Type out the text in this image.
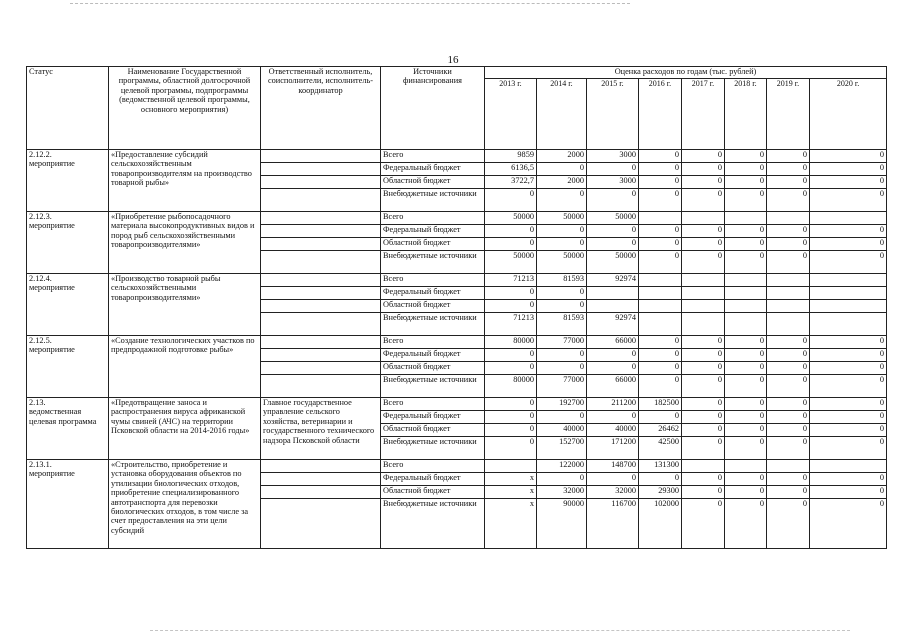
16
Статус	Наименование Государственной программы, областной долгосрочной целевой программы, подпрограммы (ведомственной целевой программы, основного мероприятия)	Ответственный исполнитель, соисполнители, исполнитель-координатор	Источники финансирования	Оценка расходов по годам (тыс. рублей)							
				2013 г.	2014 г.	2015 г.	2016 г.	2017 г.	2018 г.	2019 г.	2020 г.
2.12.2.
мероприятие	«Предоставление субсидий сельскохозяйственным товаропроизводителям на производство товарной рыбы»		Всего	9859	2000	3000	0	0	0	0	0
			Федеральный бюджет	6136,5	0	0	0	0	0	0	0
			Областной бюджет	3722,7	2000	3000	0	0	0	0	0
			Внебюджетные источники	0	0	0	0	0	0	0	0
2.12.3.
мероприятие	«Приобретение рыбопосадочного материала высокопродуктивных видов и пород рыб сельскохозяйственными товаропроизводителями»		Всего	50000	50000	50000					
			Федеральный бюджет	0	0	0	0	0	0	0	0
			Областной бюджет	0	0	0	0	0	0	0	0
			Внебюджетные источники	50000	50000	50000	0	0	0	0	0
2.12.4.
мероприятие	«Производство товарной рыбы сельскохозяйственными товаропроизводителями»		Всего	71213	81593	92974					
			Федеральный бюджет	0	0						
			Областной бюджет	0	0						
			Внебюджетные источники	71213	81593	92974					
2.12.5.
мероприятие	«Создание технологических участков по предпродажной подготовке рыбы»		Всего	80000	77000	66000	0	0	0	0	0
			Федеральный бюджет	0	0	0	0	0	0	0	0
			Областной бюджет	0	0	0	0	0	0	0	0
			Внебюджетные источники	80000	77000	66000	0	0	0	0	0
2.13.
ведомственная целевая программа	«Предотвращение заноса и распространения вируса африканской чумы свиней (АЧС) на территории Псковской области на 2014-2016 годы»	Главное государственное управление сельского хозяйства, ветеринарии и государственного технического надзора Псковской области	Всего	0	192700	211200	182500	0	0	0	0
			Федеральный бюджет	0	0	0	0	0	0	0	0
			Областной бюджет	0	40000	40000	26462	0	0	0	0
			Внебюджетные источники	0	152700	171200	42500	0	0	0	0
2.13.1.
мероприятие	«Строительство, приобретение и установка оборудования объектов по утилизации биологических отходов, приобретение специализированного автотранспорта для перевозки биологических отходов, в том числе за счет предоставления на эти цели субсидий		Всего		122000	148700	131300				
			Федеральный бюджет	х	0	0	0	0	0	0	0
			Областной бюджет	х	32000	32000	29300	0	0	0	0
			Внебюджетные источники	х	90000	116700	102000	0	0	0	0
